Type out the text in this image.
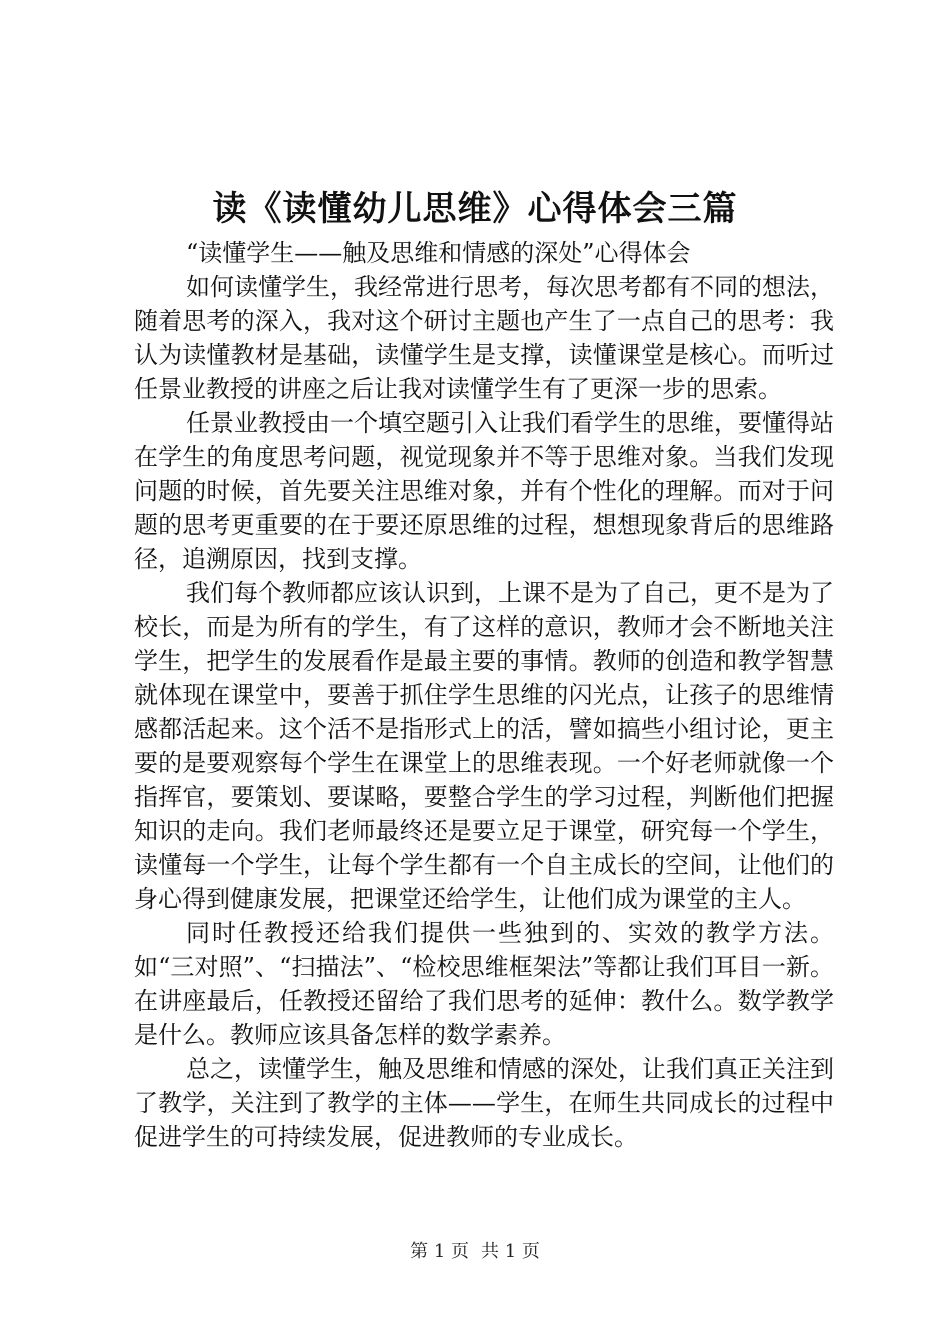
读《读懂幼儿思维》心得体会三篇

“读懂学生——触及思维和情感的深处”心得体会

如何读懂学生，我经常进行思考，每次思考都有不同的想法，随着思考的深入，我对这个研讨主题也产生了一点自己的思考：我认为读懂教材是基础，读懂学生是支撑，读懂课堂是核心。而听过任景业教授的讲座之后让我对读懂学生有了更深一步的思索。

任景业教授由一个填空题引入让我们看学生的思维，要懂得站在学生的角度思考问题，视觉现象并不等于思维对象。当我们发现问题的时候，首先要关注思维对象，并有个性化的理解。而对于问题的思考更重要的在于要还原思维的过程，想想现象背后的思维路径，追溯原因，找到支撑。

我们每个教师都应该认识到，上课不是为了自己，更不是为了校长，而是为所有的学生，有了这样的意识，教师才会不断地关注学生，把学生的发展看作是最主要的事情。教师的创造和教学智慧就体现在课堂中，要善于抓住学生思维的闪光点，让孩子的思维情感都活起来。这个活不是指形式上的活，譬如搞些小组讨论，更主要的是要观察每个学生在课堂上的思维表现。一个好老师就像一个指挥官，要策划、要谋略，要整合学生的学习过程，判断他们把握知识的走向。我们老师最终还是要立足于课堂，研究每一个学生，读懂每一个学生，让每个学生都有一个自主成长的空间，让他们的身心得到健康发展，把课堂还给学生，让他们成为课堂的主人。

同时任教授还给我们提供一些独到的、实效的教学方法。如“三对照”、“扫描法”、“检校思维框架法”等都让我们耳目一新。在讲座最后，任教授还留给了我们思考的延伸：教什么。数学教学是什么。教师应该具备怎样的数学素养。

总之，读懂学生，触及思维和情感的深处，让我们真正关注到了教学，关注到了教学的主体——学生，在师生共同成长的过程中促进学生的可持续发展，促进教师的专业成长。

第 1 页 共 1 页
